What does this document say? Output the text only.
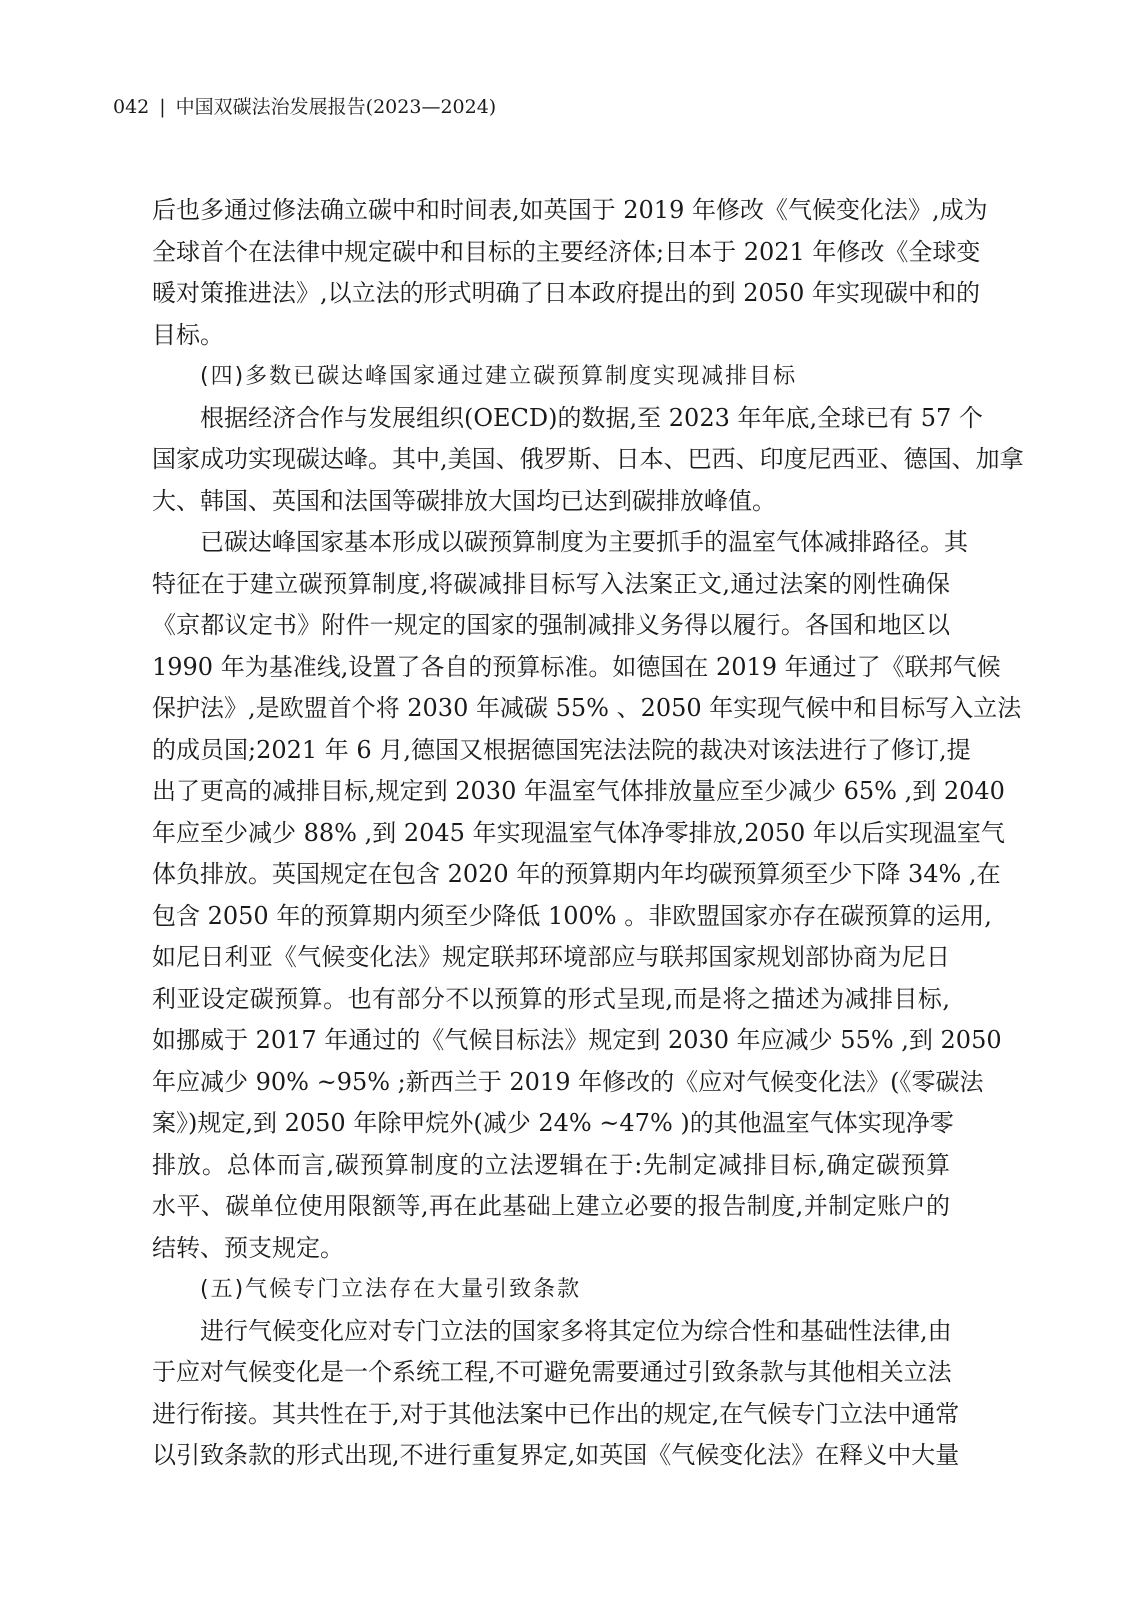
042 | 中国双碳法治发展报告(2023—2024)
后也多通过修法确立碳中和时间表,如英国于 2019 年修改《气候变化法》,成为
全球首个在法律中规定碳中和目标的主要经济体;日本于 2021 年修改《全球变
暖对策推进法》,以立法的形式明确了日本政府提出的到 2050 年实现碳中和的
目标。
(四)多数已碳达峰国家通过建立碳预算制度实现减排目标
根据经济合作与发展组织(OECD)的数据,至 2023 年年底,全球已有 57 个
国家成功实现碳达峰。其中,美国、俄罗斯、日本、巴西、印度尼西亚、德国、加拿
大、韩国、英国和法国等碳排放大国均已达到碳排放峰值。
已碳达峰国家基本形成以碳预算制度为主要抓手的温室气体减排路径。其
特征在于建立碳预算制度,将碳减排目标写入法案正文,通过法案的刚性确保
《京都议定书》附件一规定的国家的强制减排义务得以履行。各国和地区以
1990 年为基准线,设置了各自的预算标准。如德国在 2019 年通过了《联邦气候
保护法》,是欧盟首个将 2030 年减碳 55% 、2050 年实现气候中和目标写入立法
的成员国;2021 年 6 月,德国又根据德国宪法法院的裁决对该法进行了修订,提
出了更高的减排目标,规定到 2030 年温室气体排放量应至少减少 65% ,到 2040
年应至少减少 88% ,到 2045 年实现温室气体净零排放,2050 年以后实现温室气
体负排放。英国规定在包含 2020 年的预算期内年均碳预算须至少下降 34% ,在
包含 2050 年的预算期内须至少降低 100% 。非欧盟国家亦存在碳预算的运用,
如尼日利亚《气候变化法》规定联邦环境部应与联邦国家规划部协商为尼日
利亚设定碳预算。也有部分不以预算的形式呈现,而是将之描述为减排目标,
如挪威于 2017 年通过的《气候目标法》规定到 2030 年应减少 55% ,到 2050
年应减少 90% ~95% ;新西兰于 2019 年修改的《应对气候变化法》(《零碳法
案》)规定,到 2050 年除甲烷外(减少 24% ~47% )的其他温室气体实现净零
排放。总体而言,碳预算制度的立法逻辑在于:先制定减排目标,确定碳预算
水平、碳单位使用限额等,再在此基础上建立必要的报告制度,并制定账户的
结转、预支规定。
(五)气候专门立法存在大量引致条款
进行气候变化应对专门立法的国家多将其定位为综合性和基础性法律,由
于应对气候变化是一个系统工程,不可避免需要通过引致条款与其他相关立法
进行衔接。其共性在于,对于其他法案中已作出的规定,在气候专门立法中通常
以引致条款的形式出现,不进行重复界定,如英国《气候变化法》在释义中大量
